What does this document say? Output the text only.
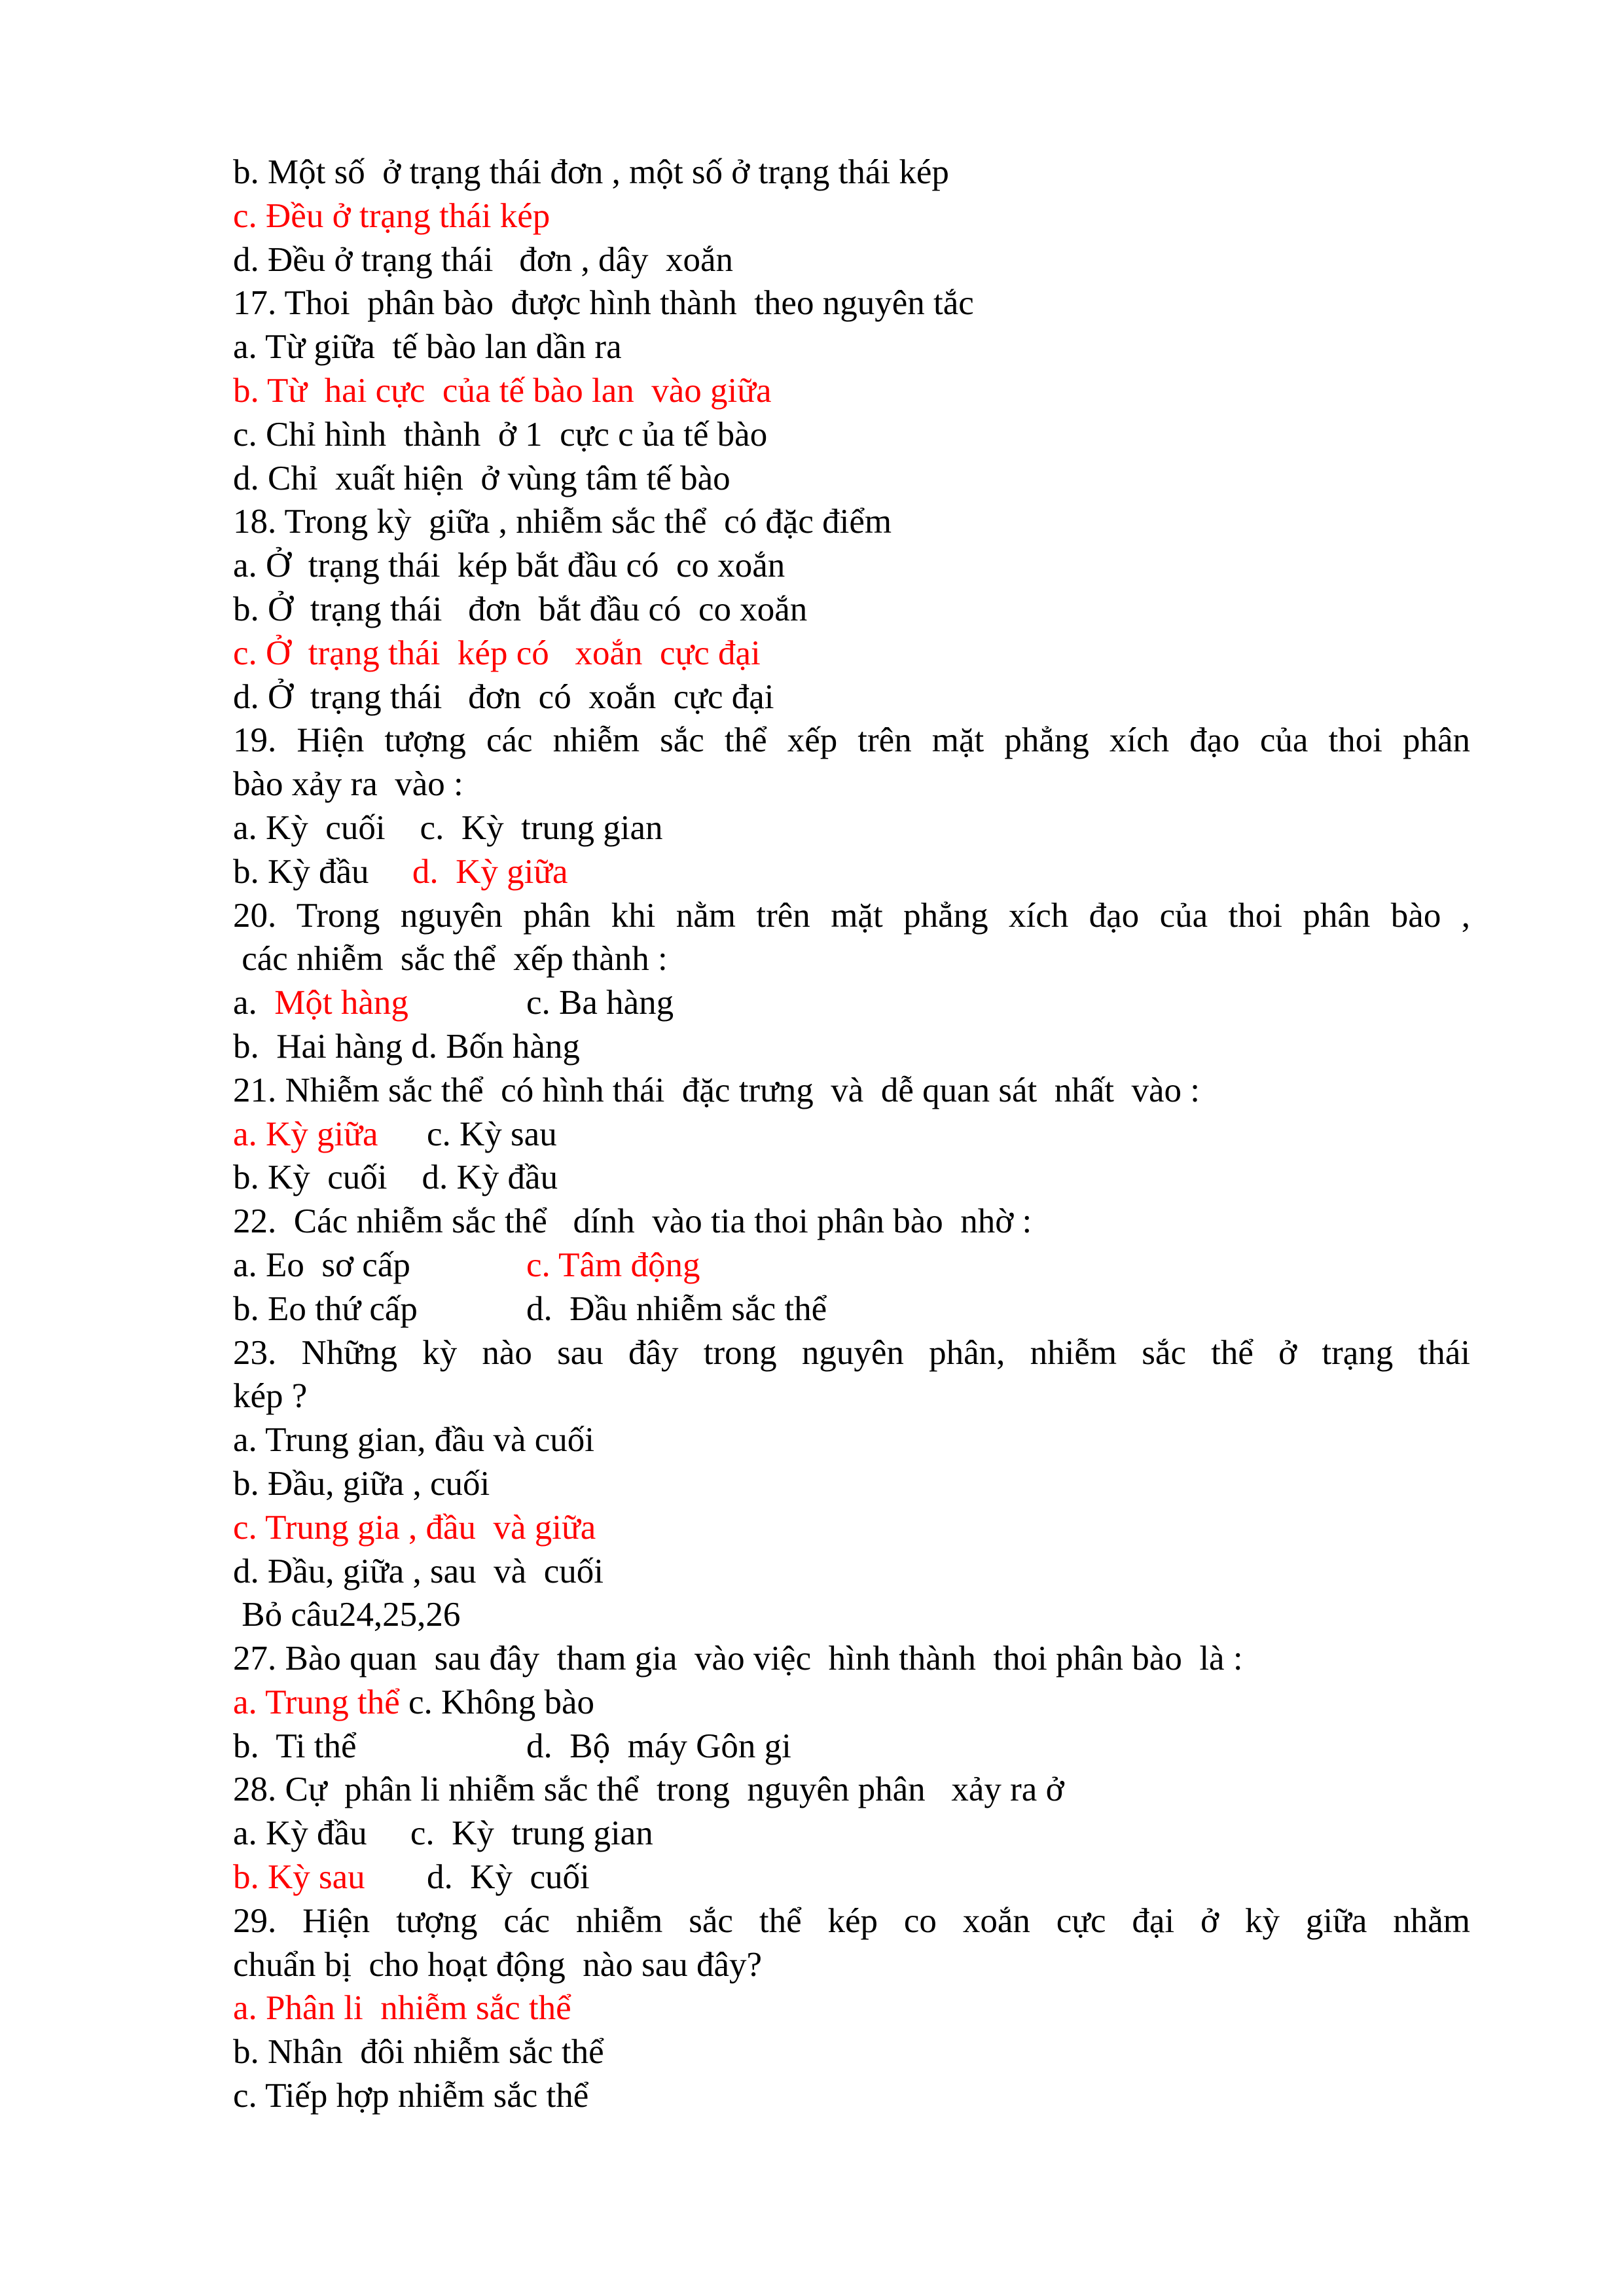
b. Một số  ở trạng thái đơn , một số ở trạng thái kép
c. Đều ở trạng thái kép
d. Đều ở trạng thái   đơn , dây  xoắn
17. Thoi  phân bào  được hình thành  theo nguyên tắc
a. Từ giữa  tế bào lan dần ra
b. Từ  hai cực  của tế bào lan  vào giữa
c. Chỉ hình  thành  ở 1  cực c ủa tế bào
d. Chỉ  xuất hiện  ở vùng tâm tế bào
18. Trong kỳ  giữa , nhiễm sắc thể  có đặc điểm
a. Ở  trạng thái  kép bắt đầu có  co xoắn
b. Ở  trạng thái   đơn  bắt đầu có  co xoắn
c. Ở  trạng thái  kép có   xoắn  cực đại
d. Ở  trạng thái   đơn  có  xoắn  cực đại
19. Hiện tượng các nhiễm sắc thể xếp trên mặt phẳng xích đạo của thoi phân
bào xảy ra  vào :
a. Kỳ  cuối    c.  Kỳ  trung gian
b. Kỳ đầu     d.  Kỳ giữa
20. Trong nguyên phân khi nằm trên mặt phẳng xích đạo của thoi phân bào ,
các nhiễm  sắc thể  xếp thành :
a.  Một hàng	c. Ba hàng
b.  Hai hàng d. Bốn hàng
21. Nhiễm sắc thể  có hình thái  đặc trưng  và  dễ quan sát  nhất  vào :
a. Kỳ giữa c. Kỳ sau
b. Kỳ  cuối    d. Kỳ đầu
22.  Các nhiễm sắc thể   dính  vào tia thoi phân bào  nhờ :
a. Eo  sơ cấp	c. Tâm động
b. Eo thứ cấp	d.  Đầu nhiễm sắc thể
23. Những kỳ nào sau đây trong nguyên phân, nhiễm sắc thể ở trạng thái
kép ?
a. Trung gian, đầu và cuối
b. Đầu, giữa , cuối
c. Trung gia , đầu  và giữa
d. Đầu, giữa , sau  và  cuối
Bỏ câu24,25,26
27. Bào quan  sau đây  tham gia  vào việc  hình thành  thoi phân bào  là :
a. Trung thể c. Không bào
b.  Ti thể	d.  Bộ  máy Gôn gi
28. Cự  phân li nhiễm sắc thể  trong  nguyên phân   xảy ra ở
a. Kỳ đầu     c.  Kỳ  trung gian
b. Kỳ sau d.  Kỳ  cuối
29. Hiện tượng các nhiễm sắc thể kép co xoắn cực đại ở kỳ giữa nhằm
chuẩn bị  cho hoạt động  nào sau đây?
a. Phân li  nhiễm sắc thể
b. Nhân  đôi nhiễm sắc thể
c. Tiếp hợp nhiễm sắc thể
